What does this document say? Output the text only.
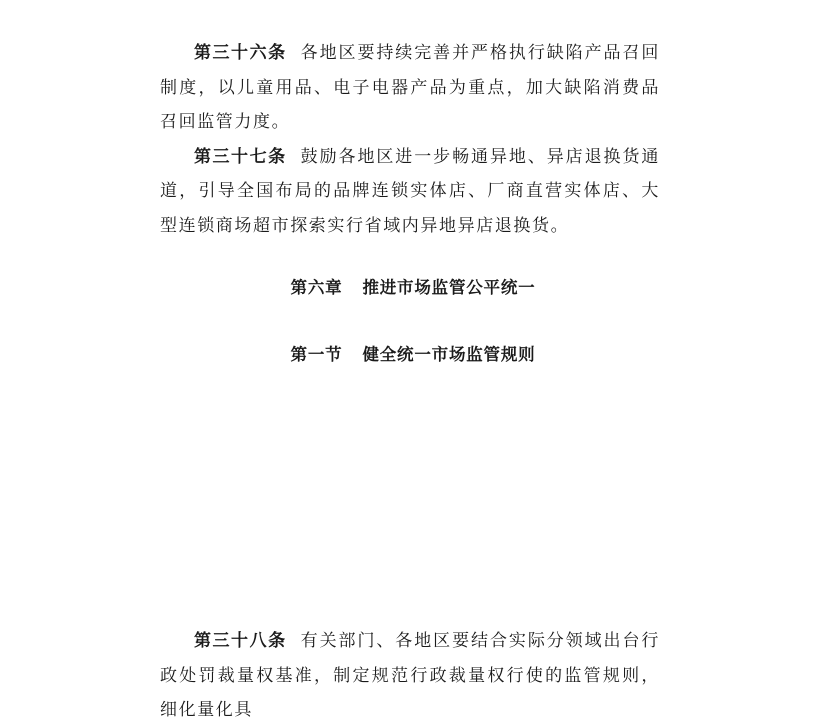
第三十六条 各地区要持续完善并严格执行缺陷产品召回制度，以儿童用品、电子电器产品为重点，加大缺陷消费品召回监管力度。

第三十七条 鼓励各地区进一步畅通异地、异店退换货通道，引导全国布局的品牌连锁实体店、厂商直营实体店、大型连锁商场超市探索实行省域内异地异店退换货。

第六章 推进市场监管公平统一
第一节 健全统一市场监管规则

第三十八条 有关部门、各地区要结合实际分领域出台行政处罚裁量权基准，制定规范行政裁量权行使的监管规则，细化量化具
